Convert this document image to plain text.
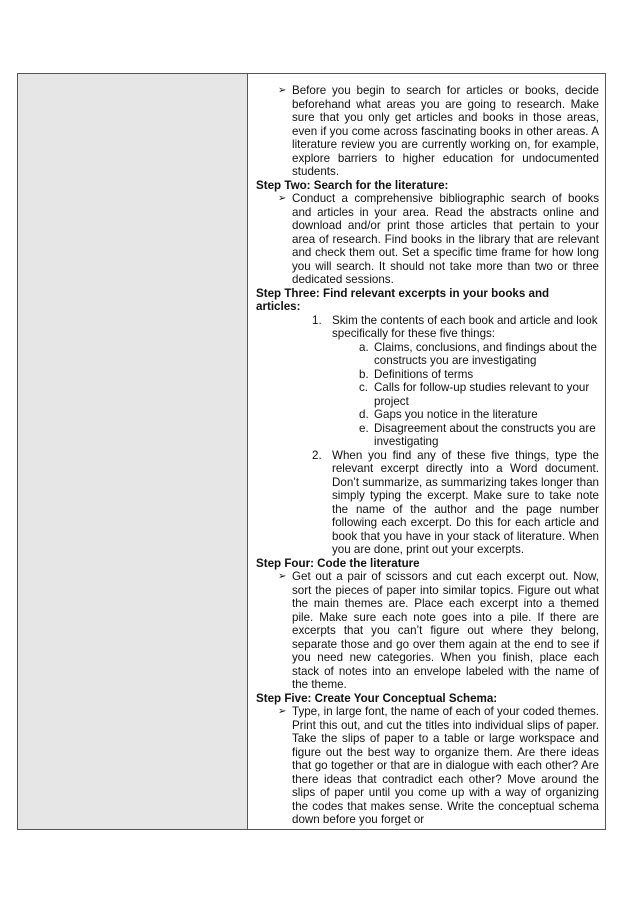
➢ Before you begin to search for articles or books, decide beforehand what areas you are going to research. Make sure that you only get articles and books in those areas, even if you come across fascinating books in other areas. A literature review you are currently working on, for example, explore barriers to higher education for undocumented students.

Step Two: Search for the literature:

➢ Conduct a comprehensive bibliographic search of books and articles in your area. Read the abstracts online and download and/or print those articles that pertain to your area of research. Find books in the library that are relevant and check them out. Set a specific time frame for how long you will search. It should not take more than two or three dedicated sessions.

Step Three: Find relevant excerpts in your books and
articles:

1. Skim the contents of each book and article and look specifically for these five things:

a. Claims, conclusions, and findings about the constructs you are investigating

b. Definitions of terms

c. Calls for follow-up studies relevant to your project

d. Gaps you notice in the literature

e. Disagreement about the constructs you are investigating

2. When you find any of these five things, type the relevant excerpt directly into a Word document. Don’t summarize, as summarizing takes longer than simply typing the excerpt. Make sure to take note the name of the author and the page number following each excerpt. Do this for each article and book that you have in your stack of literature. When you are done, print out your excerpts.

Step Four: Code the literature

➢ Get out a pair of scissors and cut each excerpt out. Now, sort the pieces of paper into similar topics. Figure out what the main themes are. Place each excerpt into a themed pile. Make sure each note goes into a pile. If there are excerpts that you can’t figure out where they belong, separate those and go over them again at the end to see if you need new categories. When you finish, place each stack of notes into an envelope labeled with the name of the theme.

Step Five: Create Your Conceptual Schema:

➢ Type, in large font, the name of each of your coded themes. Print this out, and cut the titles into individual slips of paper. Take the slips of paper to a table or large workspace and figure out the best way to organize them. Are there ideas that go together or that are in dialogue with each other? Are there ideas that contradict each other? Move around the slips of paper until you come up with a way of organizing the codes that makes sense. Write the conceptual schema down before you forget or
